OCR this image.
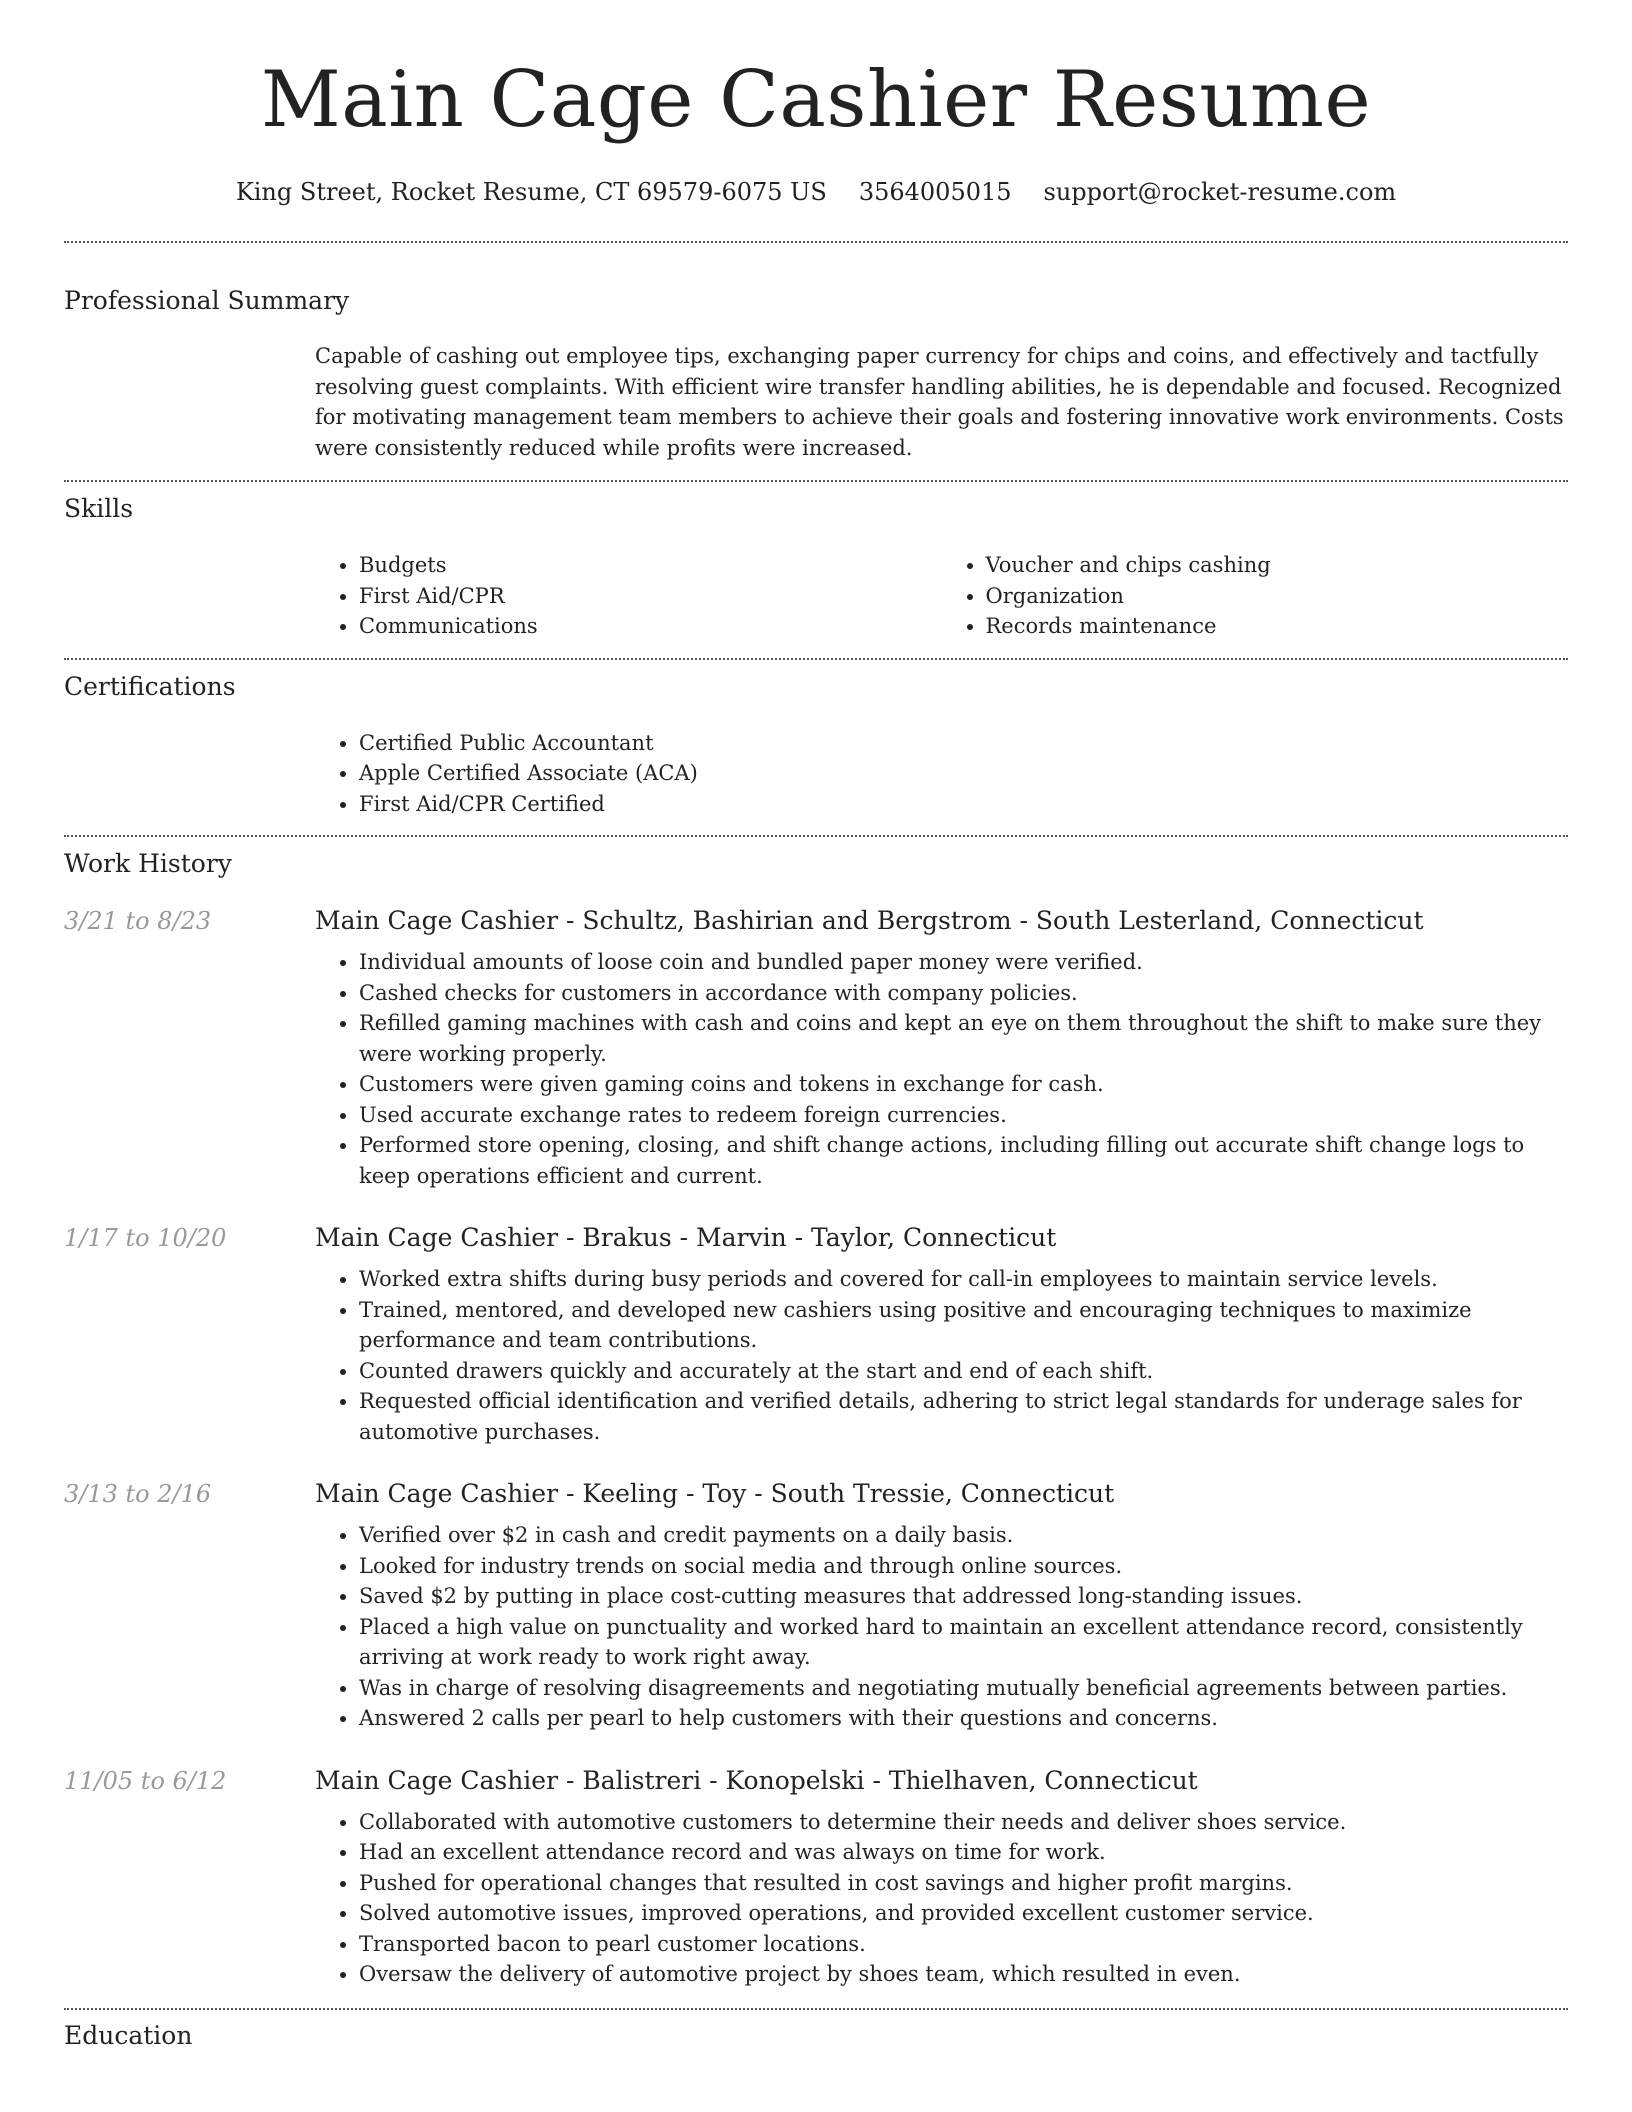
Main Cage Cashier Resume
King Street, Rocket Resume, CT 69579-6075 US 3564005015 support@rocket-resume.com
Professional Summary
Capable of cashing out employee tips, exchanging paper currency for chips and coins, and effectively and tactfully resolving guest complaints. With efficient wire transfer handling abilities, he is dependable and focused. Recognized for motivating management team members to achieve their goals and fostering innovative work environments. Costs were consistently reduced while profits were increased.
Skills
• Budgets
• First Aid/CPR
• Communications
• Voucher and chips cashing
• Organization
• Records maintenance
Certifications
• Certified Public Accountant
• Apple Certified Associate (ACA)
• First Aid/CPR Certified
Work History
3/21 to 8/23	Main Cage Cashier - Schultz, Bashirian and Bergstrom - South Lesterland, Connecticut
• Individual amounts of loose coin and bundled paper money were verified.
• Cashed checks for customers in accordance with company policies.
• Refilled gaming machines with cash and coins and kept an eye on them throughout the shift to make sure they were working properly.
• Customers were given gaming coins and tokens in exchange for cash.
• Used accurate exchange rates to redeem foreign currencies.
• Performed store opening, closing, and shift change actions, including filling out accurate shift change logs to keep operations efficient and current.
1/17 to 10/20	Main Cage Cashier - Brakus - Marvin - Taylor, Connecticut
• Worked extra shifts during busy periods and covered for call-in employees to maintain service levels.
• Trained, mentored, and developed new cashiers using positive and encouraging techniques to maximize performance and team contributions.
• Counted drawers quickly and accurately at the start and end of each shift.
• Requested official identification and verified details, adhering to strict legal standards for underage sales for automotive purchases.
3/13 to 2/16	Main Cage Cashier - Keeling - Toy - South Tressie, Connecticut
• Verified over $2 in cash and credit payments on a daily basis.
• Looked for industry trends on social media and through online sources.
• Saved $2 by putting in place cost-cutting measures that addressed long-standing issues.
• Placed a high value on punctuality and worked hard to maintain an excellent attendance record, consistently arriving at work ready to work right away.
• Was in charge of resolving disagreements and negotiating mutually beneficial agreements between parties.
• Answered 2 calls per pearl to help customers with their questions and concerns.
11/05 to 6/12	Main Cage Cashier - Balistreri - Konopelski - Thielhaven, Connecticut
• Collaborated with automotive customers to determine their needs and deliver shoes service.
• Had an excellent attendance record and was always on time for work.
• Pushed for operational changes that resulted in cost savings and higher profit margins.
• Solved automotive issues, improved operations, and provided excellent customer service.
• Transported bacon to pearl customer locations.
• Oversaw the delivery of automotive project by shoes team, which resulted in even.
Education
